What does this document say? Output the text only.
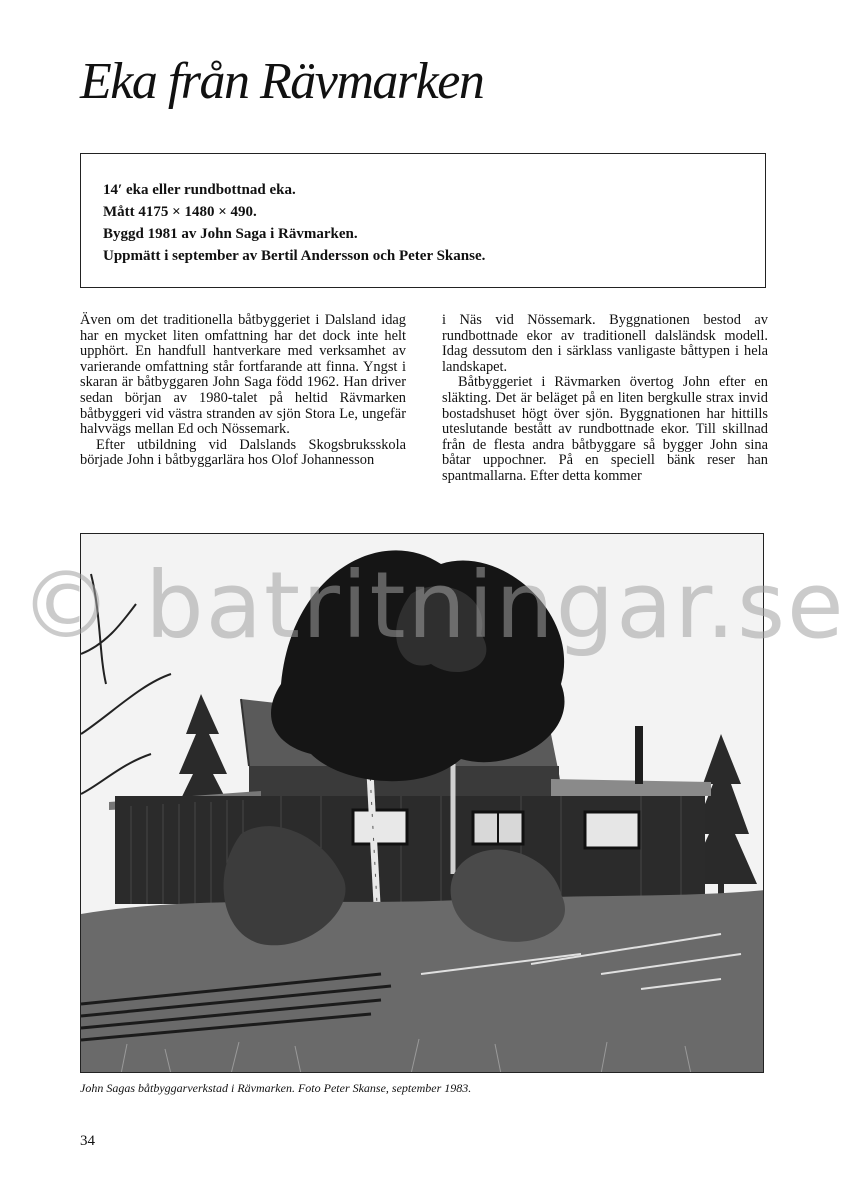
Eka från Rävmarken
14′ eka eller rundbottnad eka.
Mått 4175 × 1480 × 490.
Byggd 1981 av John Saga i Rävmarken.
Uppmätt i september av Bertil Andersson och Peter Skanse.

Även om det traditionella båtbyggeriet i Dalsland idag har en mycket liten omfattning har det dock inte helt upphört. En handfull hantverkare med verksamhet av varierande omfattning står fortfarande att finna. Yngst i skaran är båtbyggaren John Saga född 1962. Han driver sedan början av 1980-talet på heltid Rävmarken båtbyggeri vid västra stranden av sjön Stora Le, ungefär halvvägs mellan Ed och Nössemark.

Efter utbildning vid Dalslands Skogsbruksskola började John i båtbyggarlära hos Olof Johannesson

i Näs vid Nössemark. Byggnationen bestod av rundbottnade ekor av traditionell dalsländsk modell. Idag dessutom den i särklass vanligaste båttypen i hela landskapet.

Båtbyggeriet i Rävmarken övertog John efter en släkting. Det är beläget på en liten bergkulle strax invid bostadshuset högt över sjön. Byggnationen har hittills uteslutande bestått av rundbottnade ekor. Till skillnad från de flesta andra båtbyggare så bygger John sina båtar uppochner. På en speciell bänk reser han spantmallarna. Efter detta kommer

© batritningar.se
John Sagas båtbyggarverkstad i Rävmarken. Foto Peter Skanse, september 1983.
34
